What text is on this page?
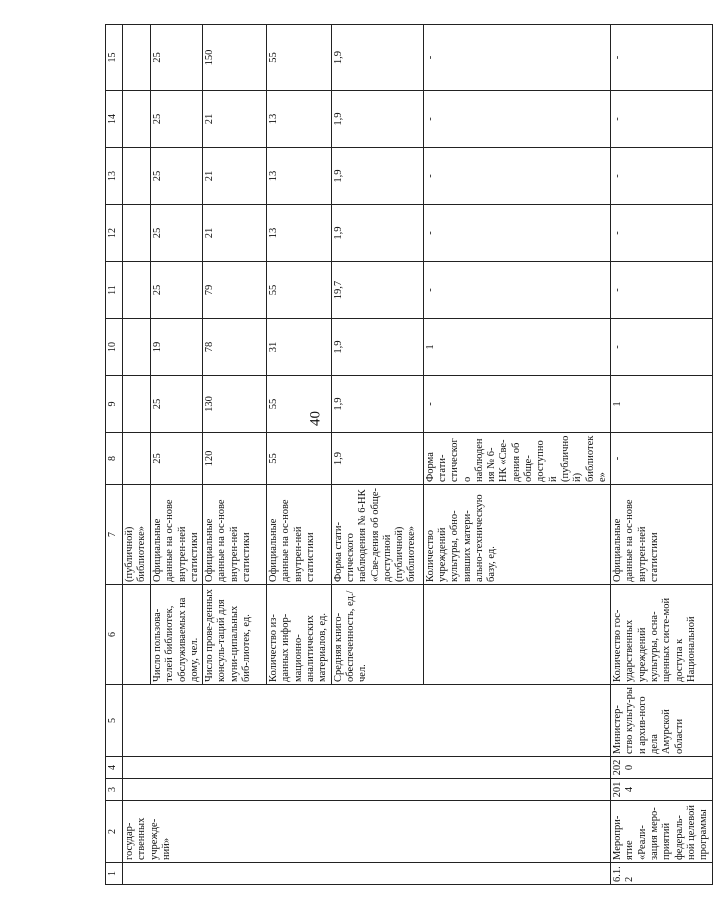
40
1	2	3	4	5	6	7	8	9	10	11	12	13	14	15	
	государ-ственных учрежде-ний»					(публичной) библиотеке»									
					Число пользова-телей библиотек, обслуживаемых на дому, чел.	Официальные данные на ос-нове внутрен-ней статистики	25	25	19	25	25	25	25	25	
					Число прове-денных консуль-таций для муни-ципальных биб-лиотек, ед.	Официальные данные на ос-нове внутрен-ней статистики	120	130	78	79	21	21	21	150	
					Количество из-данных инфор-мационно-аналитических материалов, ед.	Официальные данные на ос-нове внутрен-ней статистики	55	55	31	55	13	13	13	55	
					Средняя книго-обеспеченность, ед./чел.	Форма стати-стического наблюдения № 6-НК «Све-дения об обще-доступной (публичной) библиотеке»	1,9	1,9	1,9	19,7	1,9	1,9	1,9	1,9	
						Количество учреждений культуры, обно-вивших матери-ально-техническую базу, ед.	Форма стати-стического наблюдения № 6-НК «Све-дения об обще-доступной (публичной) библиотеке»	-	1	-	-	-	-	-	
6.1.2	Меропри-ятие «Реали-зация меро-приятий федераль-ной целевой программы	2014	2020	Министер-ство культу-ры и архив-ного дела Амурской области	Количество гос-ударственных учреждений культуры, осна-щенных систе-мой доступа к Национальной	Официальные данные на ос-нове внутрен-ней статистики	-	1	-	-	-	-	-	-	
